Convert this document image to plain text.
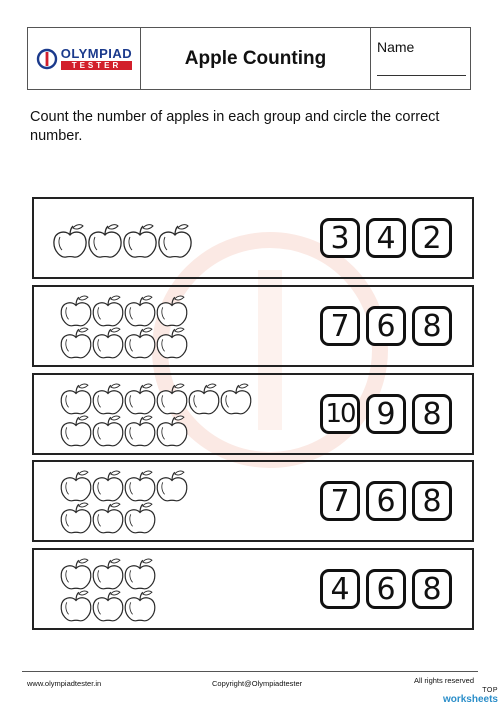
OLYMPIAD
TESTER	Apple Counting
Name
Count the number of apples in each group and circle the correct number.
3 4 2
7 6 8
10 9 8
7 6 8
4 6 8
www.olympiadtester.in	Copyright@Olympiadtester	All rights reserved
TOP
worksheets
